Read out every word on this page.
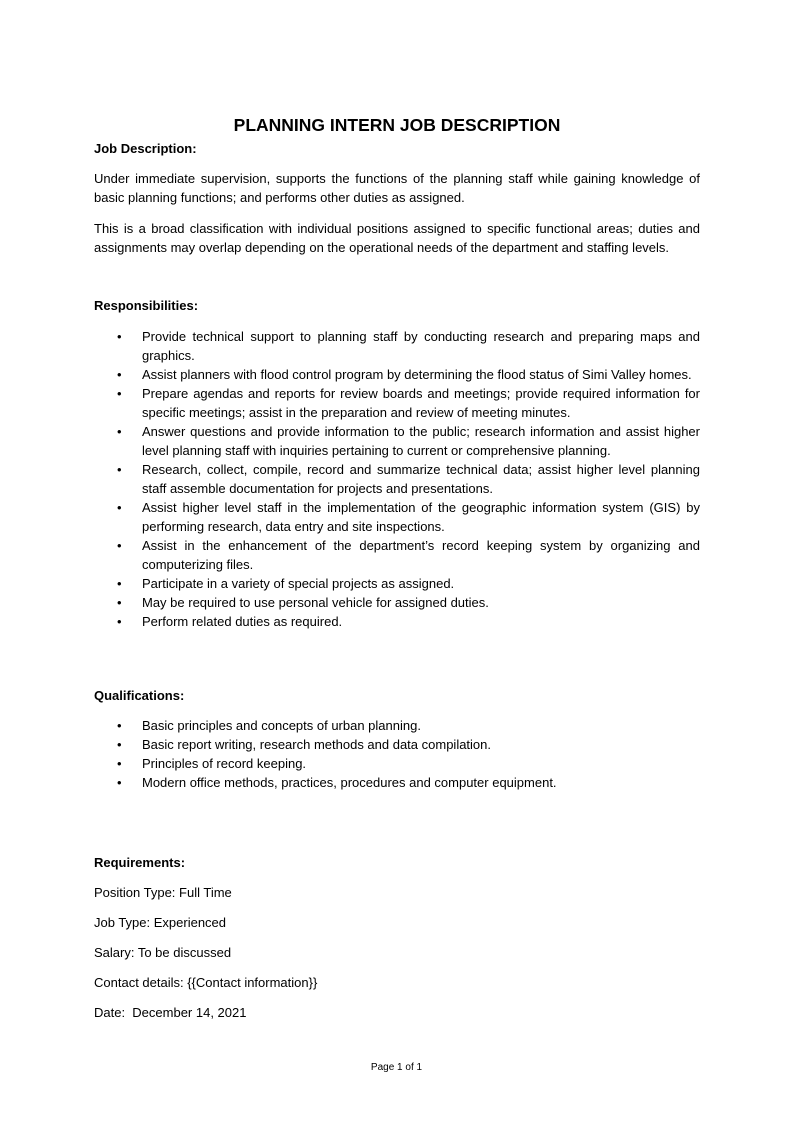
PLANNING INTERN JOB DESCRIPTION

Job Description:

Under immediate supervision, supports the functions of the planning staff while gaining knowledge of basic planning functions; and performs other duties as assigned.

This is a broad classification with individual positions assigned to specific functional areas; duties and assignments may overlap depending on the operational needs of the department and staffing levels.

Responsibilities:

• Provide technical support to planning staff by conducting research and preparing maps and graphics.
• Assist planners with flood control program by determining the flood status of Simi Valley homes.
• Prepare agendas and reports for review boards and meetings; provide required information for specific meetings; assist in the preparation and review of meeting minutes.
• Answer questions and provide information to the public; research information and assist higher level planning staff with inquiries pertaining to current or comprehensive planning.
• Research, collect, compile, record and summarize technical data; assist higher level planning staff assemble documentation for projects and presentations.
• Assist higher level staff in the implementation of the geographic information system (GIS) by performing research, data entry and site inspections.
• Assist in the enhancement of the department’s record keeping system by organizing and computerizing files.
• Participate in a variety of special projects as assigned.
• May be required to use personal vehicle for assigned duties.
• Perform related duties as required.

Qualifications:

• Basic principles and concepts of urban planning.
• Basic report writing, research methods and data compilation.
• Principles of record keeping.
• Modern office methods, practices, procedures and computer equipment.

Requirements:

Position Type: Full Time

Job Type: Experienced

Salary: To be discussed

Contact details: {{Contact information}}

Date:  December 14, 2021

Page 1 of 1
